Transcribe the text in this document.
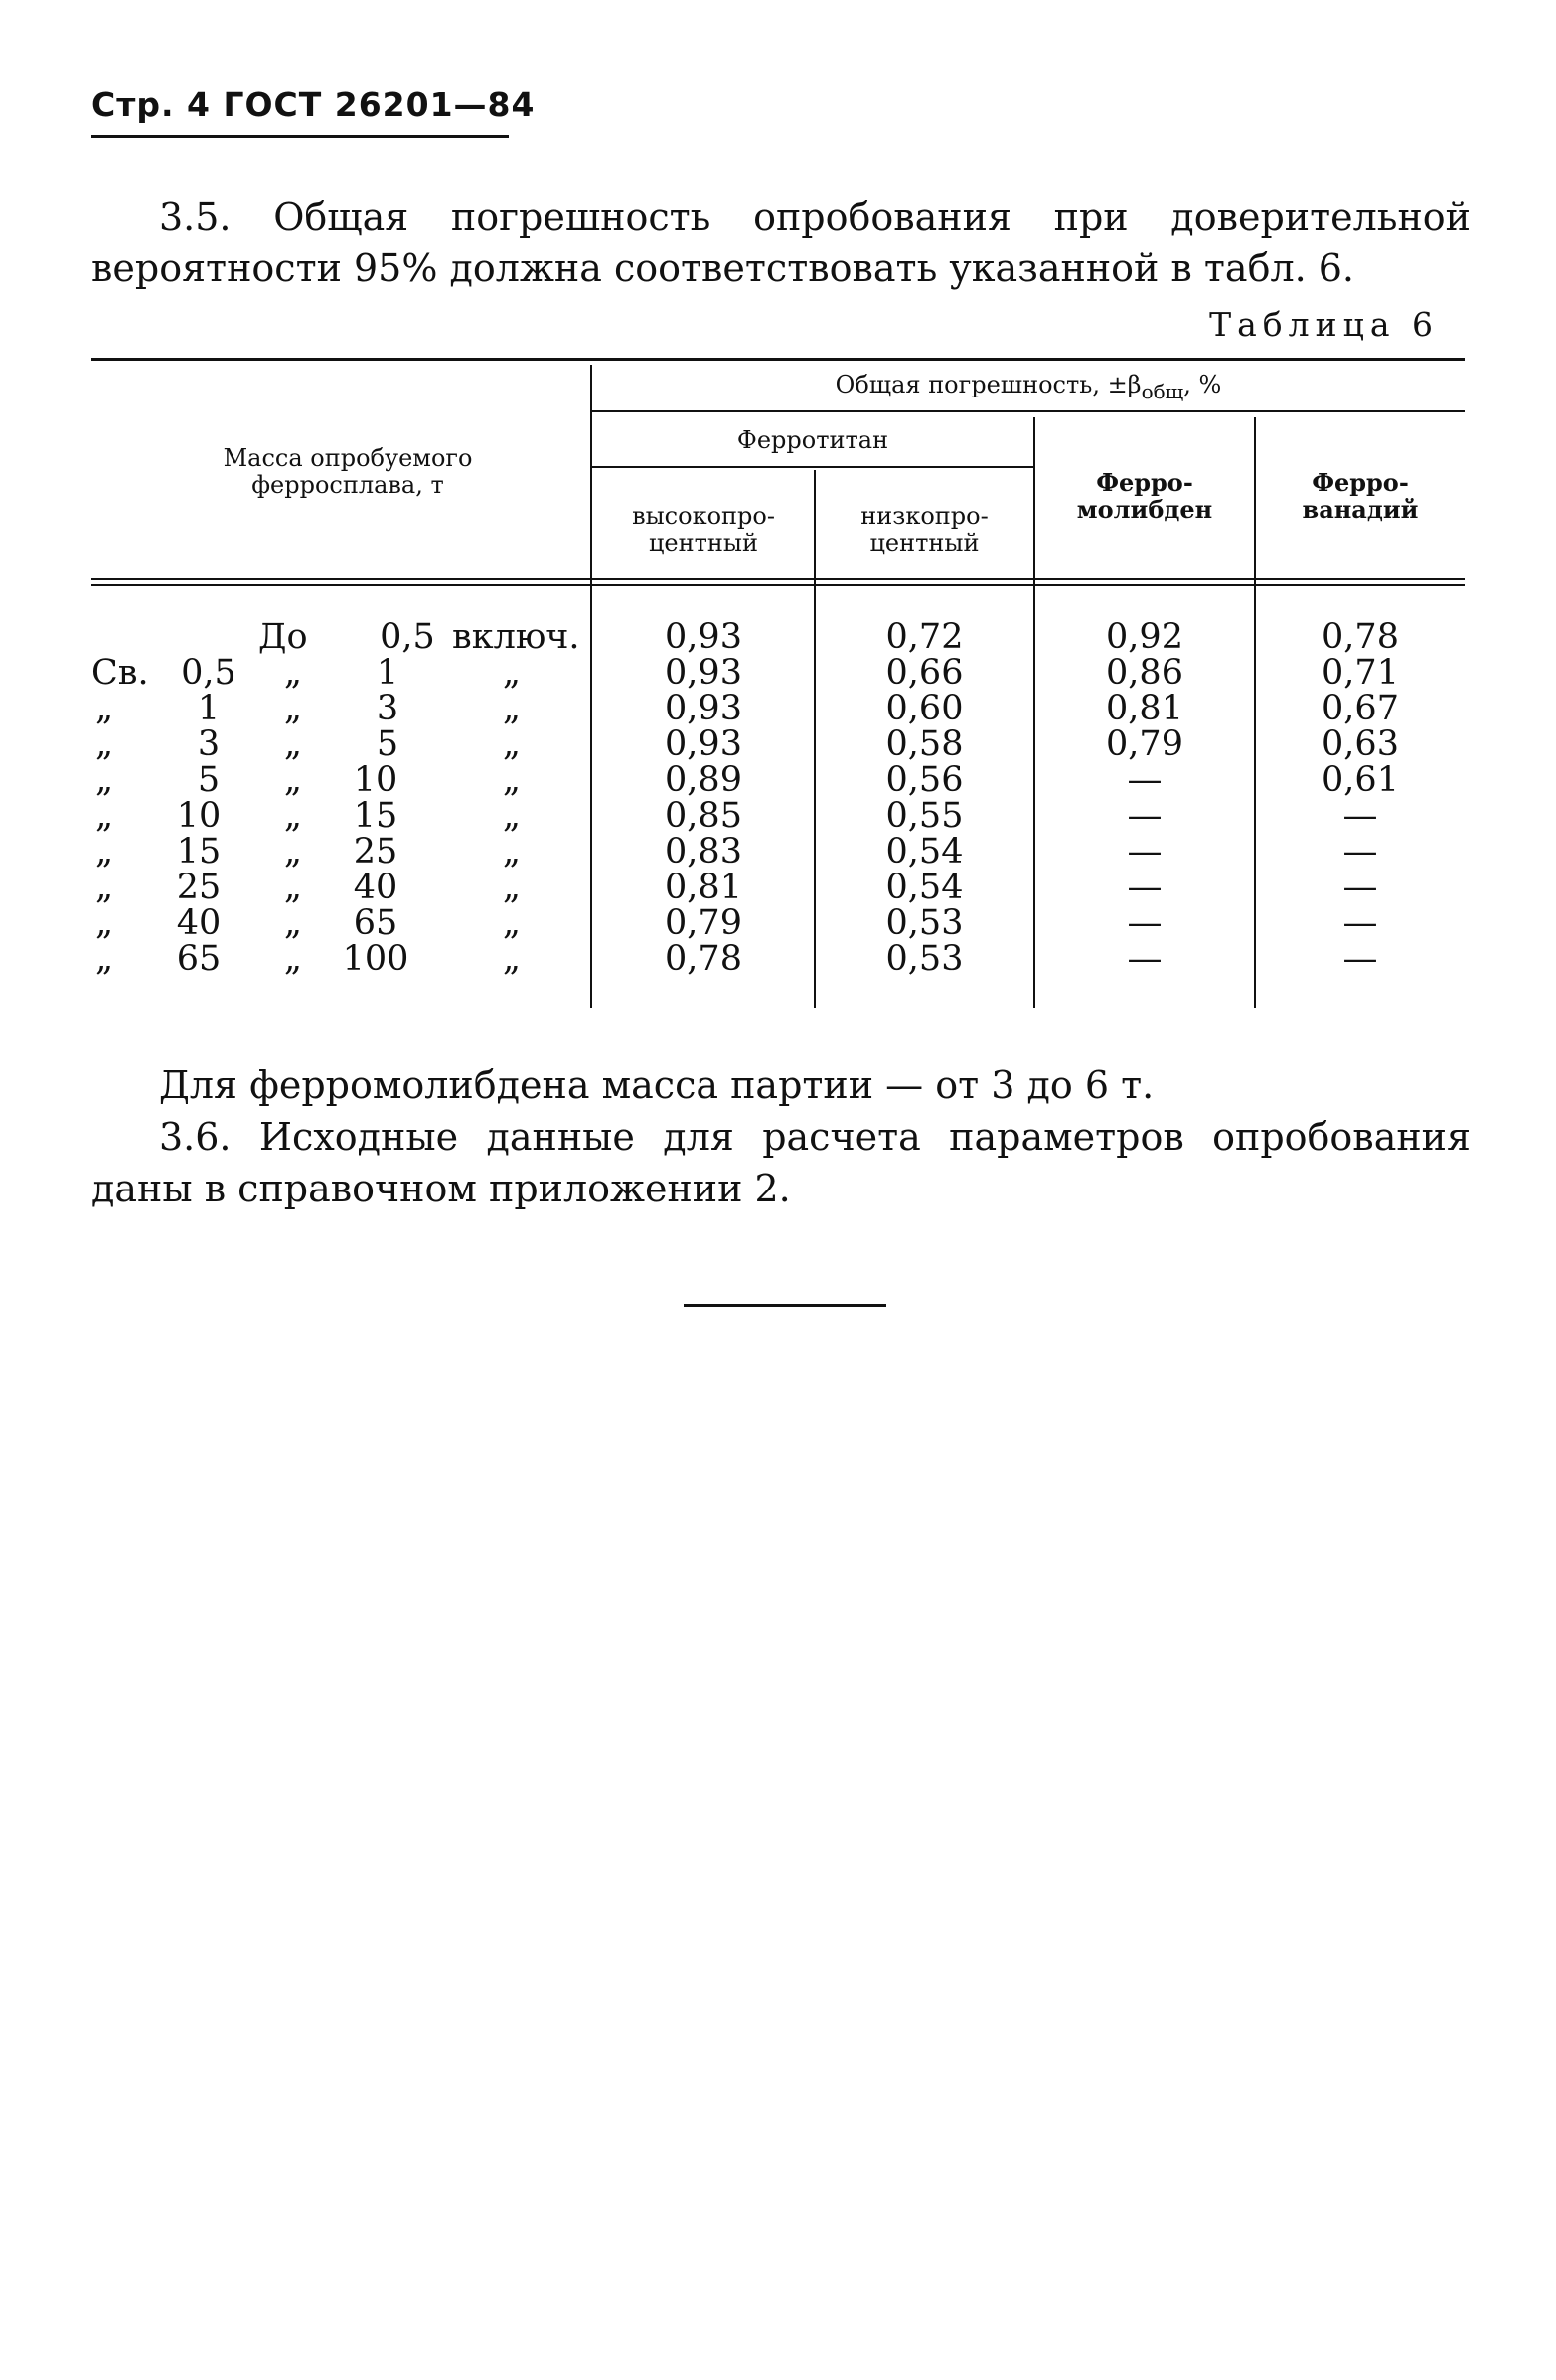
Стр. 4 ГОСТ 26201—84
3.5. Общая погрешность опробования при доверительной
вероятности 95% должна соответствовать указанной в табл. 6.
Таблица 6
Масса опробуемого
ферросплава, т
Общая погрешность, $\pm\beta_{общ}$, %
Ферротитан
высокопро-
центный
низкопро-
центный
Ферро-
молибден
Ферро-
ванадий
Св.
„
„
„
„
„
„
„
„
До
0,5
1
3
5
10
15
25
40
65
„
„
„
„
„
„
„
„
„
0,5
1
3
5
10
15
25
40
65
100
включ.
„
„
„
„
„
„
„
„
„
0,93
0,93
0,93
0,93
0,89
0,85
0,83
0,81
0,79
0,78
0,72
0,66
0,60
0,58
0,56
0,55
0,54
0,54
0,53
0,53
0,92
0,86
0,81
0,79
—
—
—
—
—
—
0,78
0,71
0,67
0,63
0,61
—
—
—
—
—
Для ферромолибдена масса партии — от 3 до 6 т.
3.6. Исходные данные для расчета параметров опробования
даны в справочном приложении 2.
